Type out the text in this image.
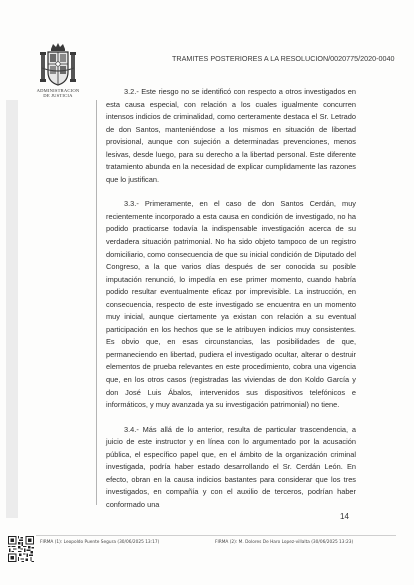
ADMINISTRACION
DE JUSTICIA
TRAMITES POSTERIORES A LA RESOLUCION/0020775/2020-0040

3.2.- Este riesgo no se identificó con respecto a otros investigados en esta causa especial, con relación a los cuales igualmente concurren intensos indicios de criminalidad, como certeramente destaca el Sr. Letrado de don Santos, manteniéndose a los mismos en situación de libertad provisional, aunque con sujeción a determinadas prevenciones, menos lesivas, desde luego, para su derecho a la libertad personal. Este diferente tratamiento abunda en la necesidad de explicar cumplidamente las razones que lo justifican.

3.3.- Primeramente, en el caso de don Santos Cerdán, muy recientemente incorporado a esta causa en condición de investigado, no ha podido practicarse todavía la indispensable investigación acerca de su verdadera situación patrimonial. No ha sido objeto tampoco de un registro domiciliario, como consecuencia de que su inicial condición de Diputado del Congreso, a la que varios días después de ser conocida su posible imputación renunció, lo impedía en ese primer momento, cuando habría podido resultar eventualmente eficaz por imprevisible. La instrucción, en consecuencia, respecto de este investigado se encuentra en un momento muy inicial, aunque ciertamente ya existan con relación a su eventual participación en los hechos que se le atribuyen indicios muy consistentes. Es obvio que, en esas circunstancias, las posibilidades de que, permaneciendo en libertad, pudiera el investigado ocultar, alterar o destruir elementos de prueba relevantes en este procedimiento, cobra una vigencia que, en los otros casos (registradas las viviendas de don Koldo García y don José Luis Ábalos, intervenidos sus dispositivos telefónicos e informáticos, y muy avanzada ya su investigación patrimonial) no tiene.

3.4.- Más allá de lo anterior, resulta de particular trascendencia, a juicio de este instructor y en línea con lo argumentado por la acusación pública, el específico papel que, en el ámbito de la organización criminal investigada, podría haber estado desarrollando el Sr. Cerdán León. En efecto, obran en la causa indicios bastantes para considerar que los tres investigados, en compañía y con el auxilio de terceros, podrían haber conformado una

14
FIRMA (1): Leopoldo Puente Segura (30/06/2025 13:17)	FIRMA (2): M. Dolores De Haro Lopez-villalta (30/06/2025 13:23)
